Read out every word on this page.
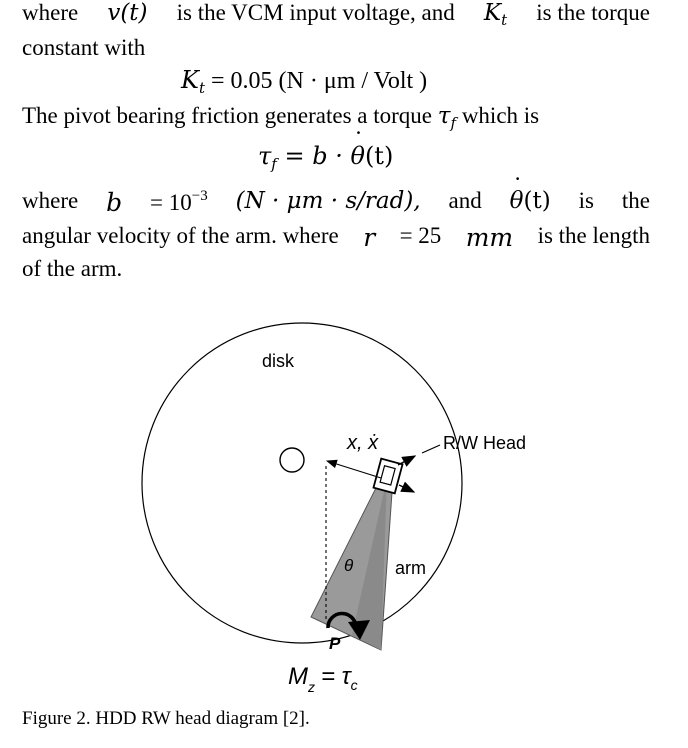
where v(t) is the VCM input voltage, and $K_t$ is the torque
constant with
$K_t = 0.05$ (N · μm / Volt )
The pivot bearing friction generates a torque $\tau_f$ which is
$\tau_f = b$ · ˙ θ(t)
where $b = 10^{-3}$ (N · μm · s/rad), and ˙ θ(t) is the
angular velocity of the arm. where r = 25 mm is the length
of the arm.
disk
R/W Head
x, ẋ
θ arm
P
$M_z = \tau_c$
Figure 2. HDD RW head diagram [2].
